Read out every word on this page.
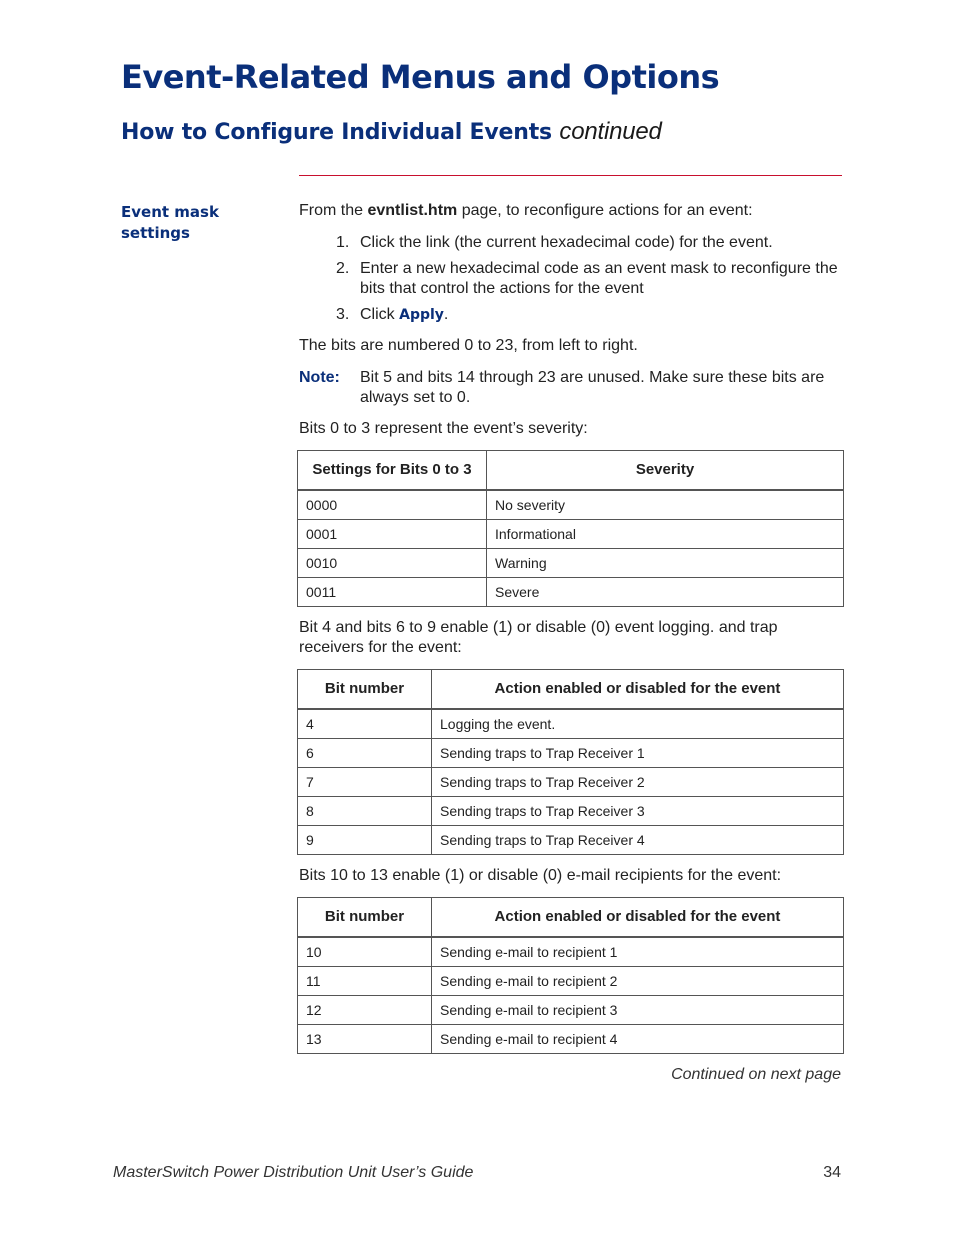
Event-Related Menus and Options
How to Configure Individual Events continued
Event mask
settings

From the evntlist.htm page, to reconfigure actions for an event:

1. Click the link (the current hexadecimal code) for the event.
2. Enter a new hexadecimal code as an event mask to reconfigure the bits that control the actions for the event
3. Click Apply.

The bits are numbered 0 to 23, from left to right.

Note: Bit 5 and bits 14 through 23 are unused. Make sure these bits are always set to 0.

Bits 0 to 3 represent the event’s severity:

Settings for Bits 0 to 3	Severity
0000	No severity
0001	Informational
0010	Warning
0011	Severe

Bit 4 and bits 6 to 9 enable (1) or disable (0) event logging. and trap receivers for the event:

Bit number	Action enabled or disabled for the event
4	Logging the event.
6	Sending traps to Trap Receiver 1
7	Sending traps to Trap Receiver 2
8	Sending traps to Trap Receiver 3
9	Sending traps to Trap Receiver 4

Bits 10 to 13 enable (1) or disable (0) e-mail recipients for the event:

Bit number	Action enabled or disabled for the event
10	Sending e-mail to recipient 1
11	Sending e-mail to recipient 2
12	Sending e-mail to recipient 3
13	Sending e-mail to recipient 4
Continued on next page
MasterSwitch Power Distribution Unit User’s Guide	34
